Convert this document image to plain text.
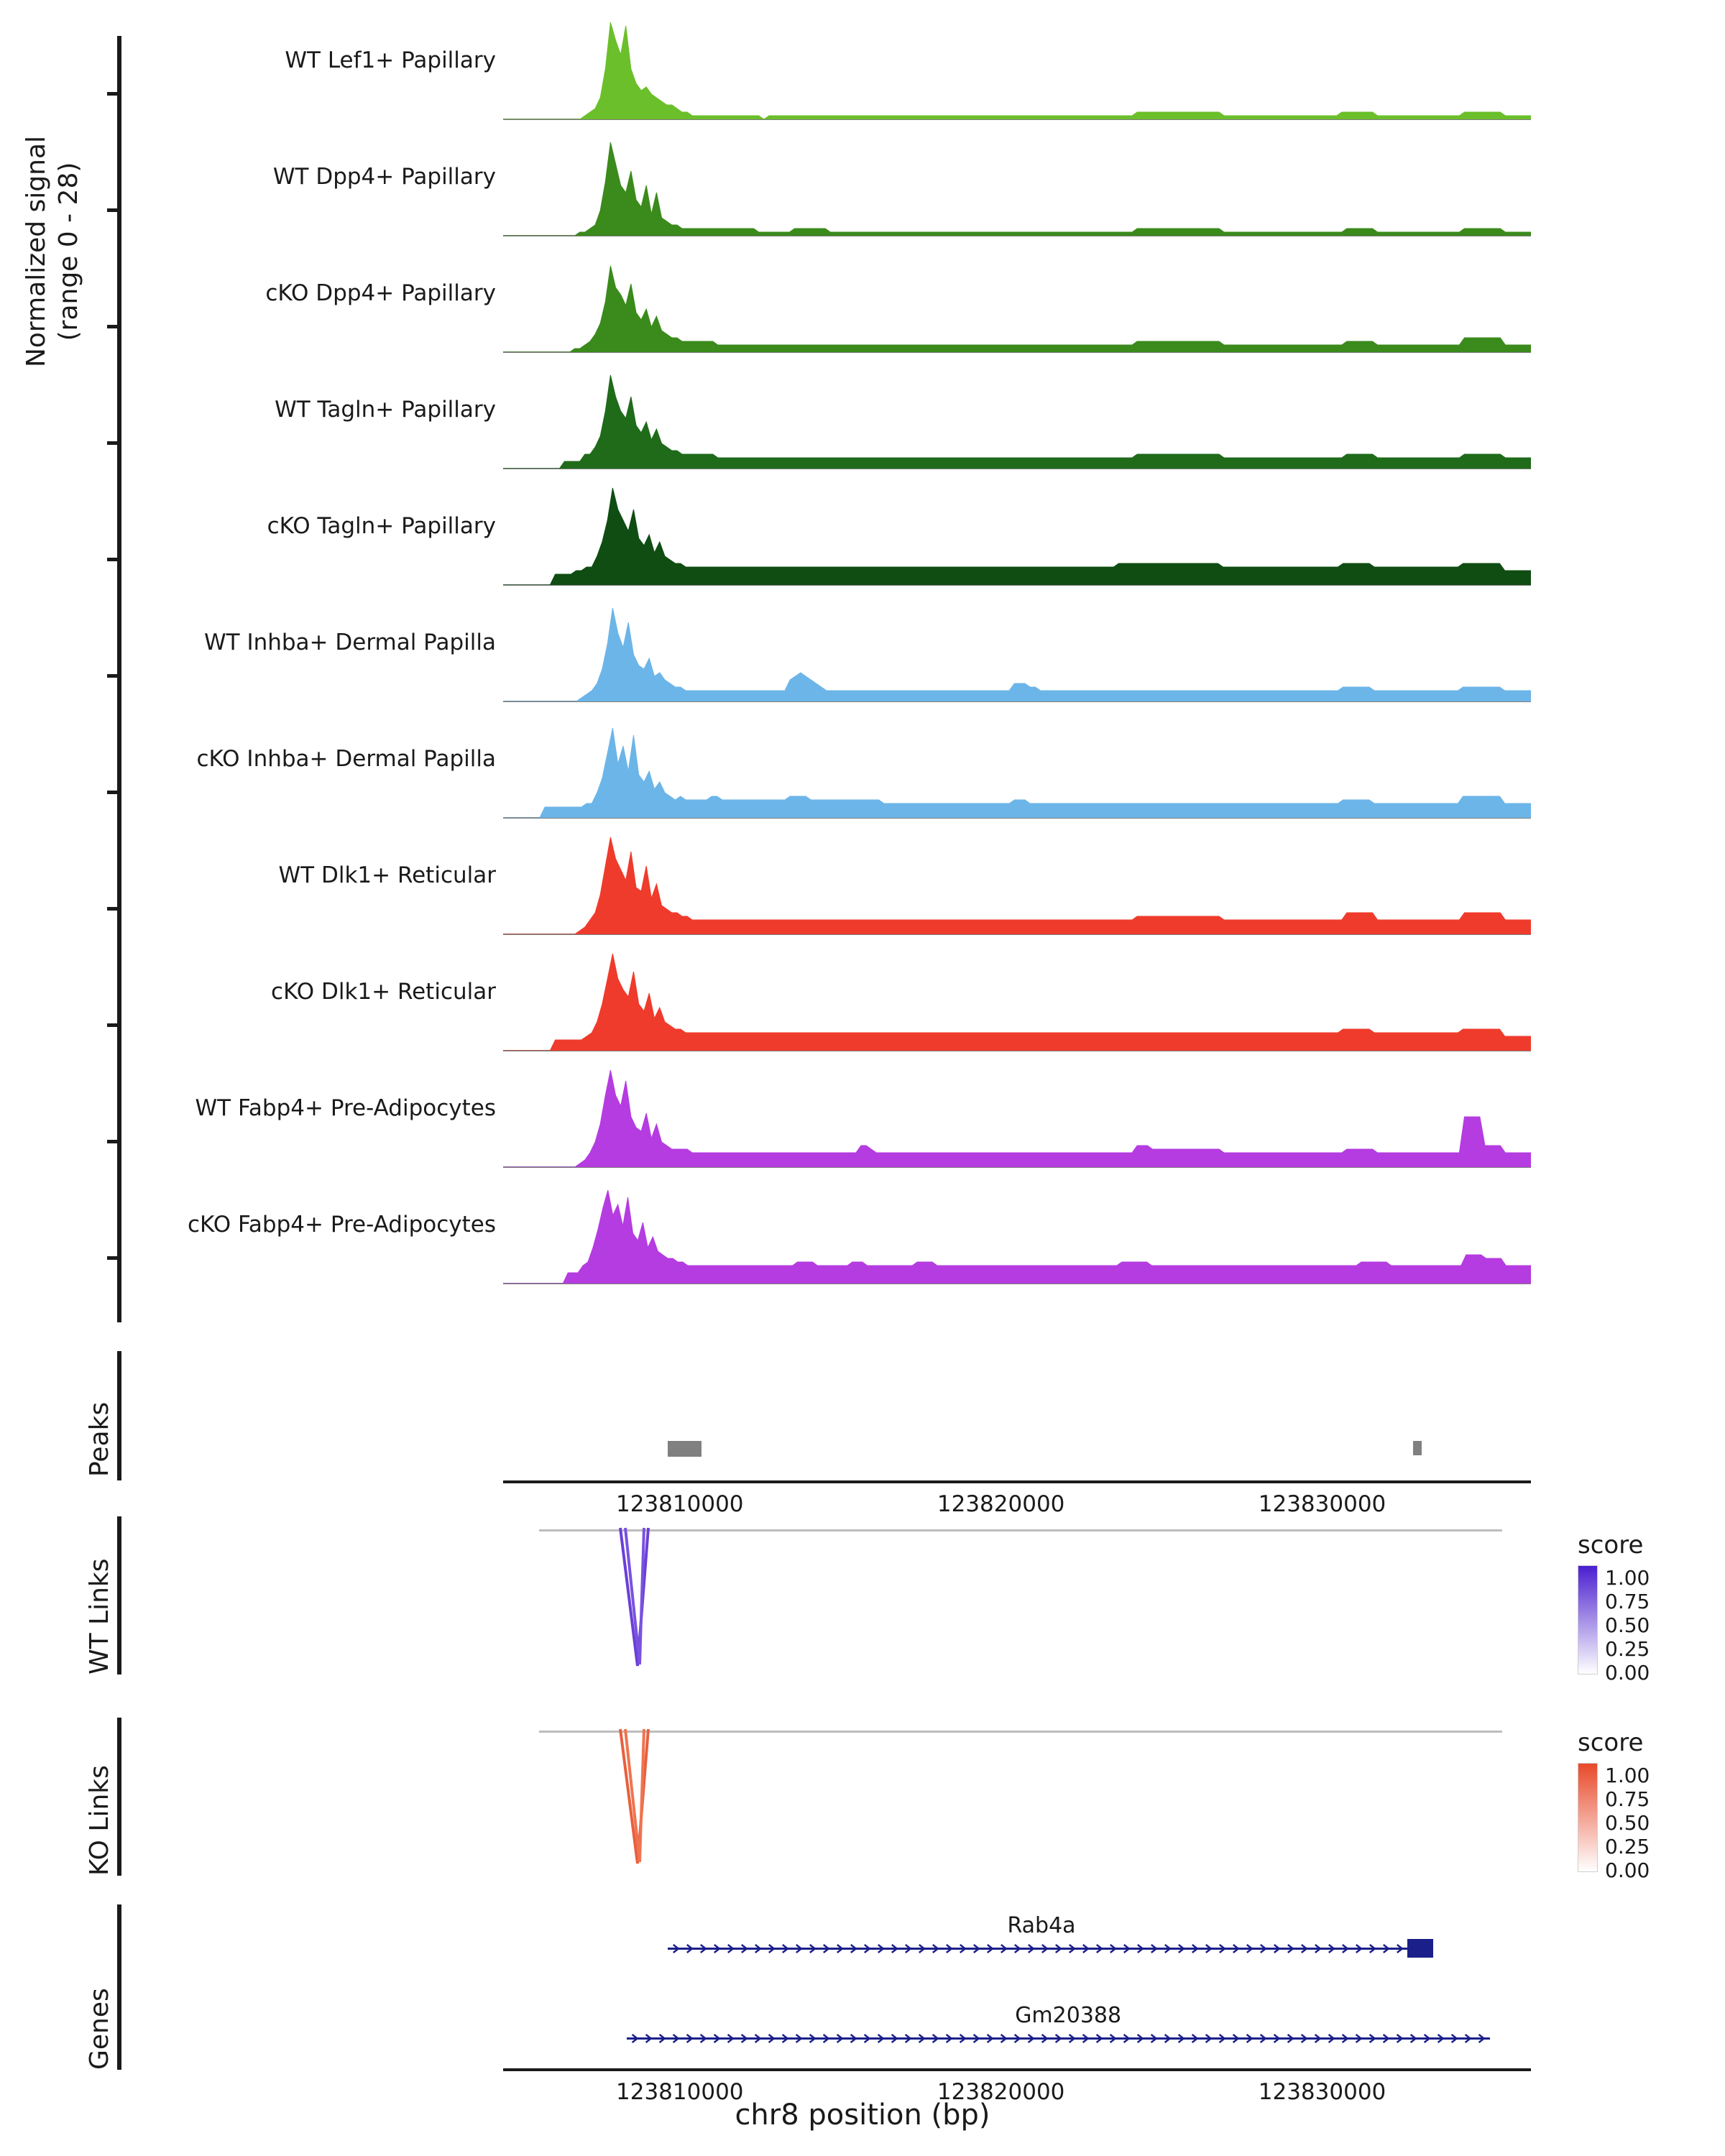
Normalized signal (range 0 - 28)
WT Lef1+ Papillary
WT Dpp4+ Papillary
cKO Dpp4+ Papillary
WT Tagln+ Papillary
cKO Tagln+ Papillary
WT Inhba+ Dermal Papilla
cKO Inhba+ Dermal Papilla
WT Dlk1+ Reticular
cKO Dlk1+ Reticular
WT Fabp4+ Pre-Adipocytes
cKO Fabp4+ Pre-Adipocytes
Peaks
123810000	123820000	123830000
WT Links
KO Links
score
1.00
0.75
0.50
0.25
0.00
score
1.00
0.75
0.50
0.25
0.00
Genes
Rab4a
Gm20388
123810000	123820000	123830000
chr8 position (bp)
